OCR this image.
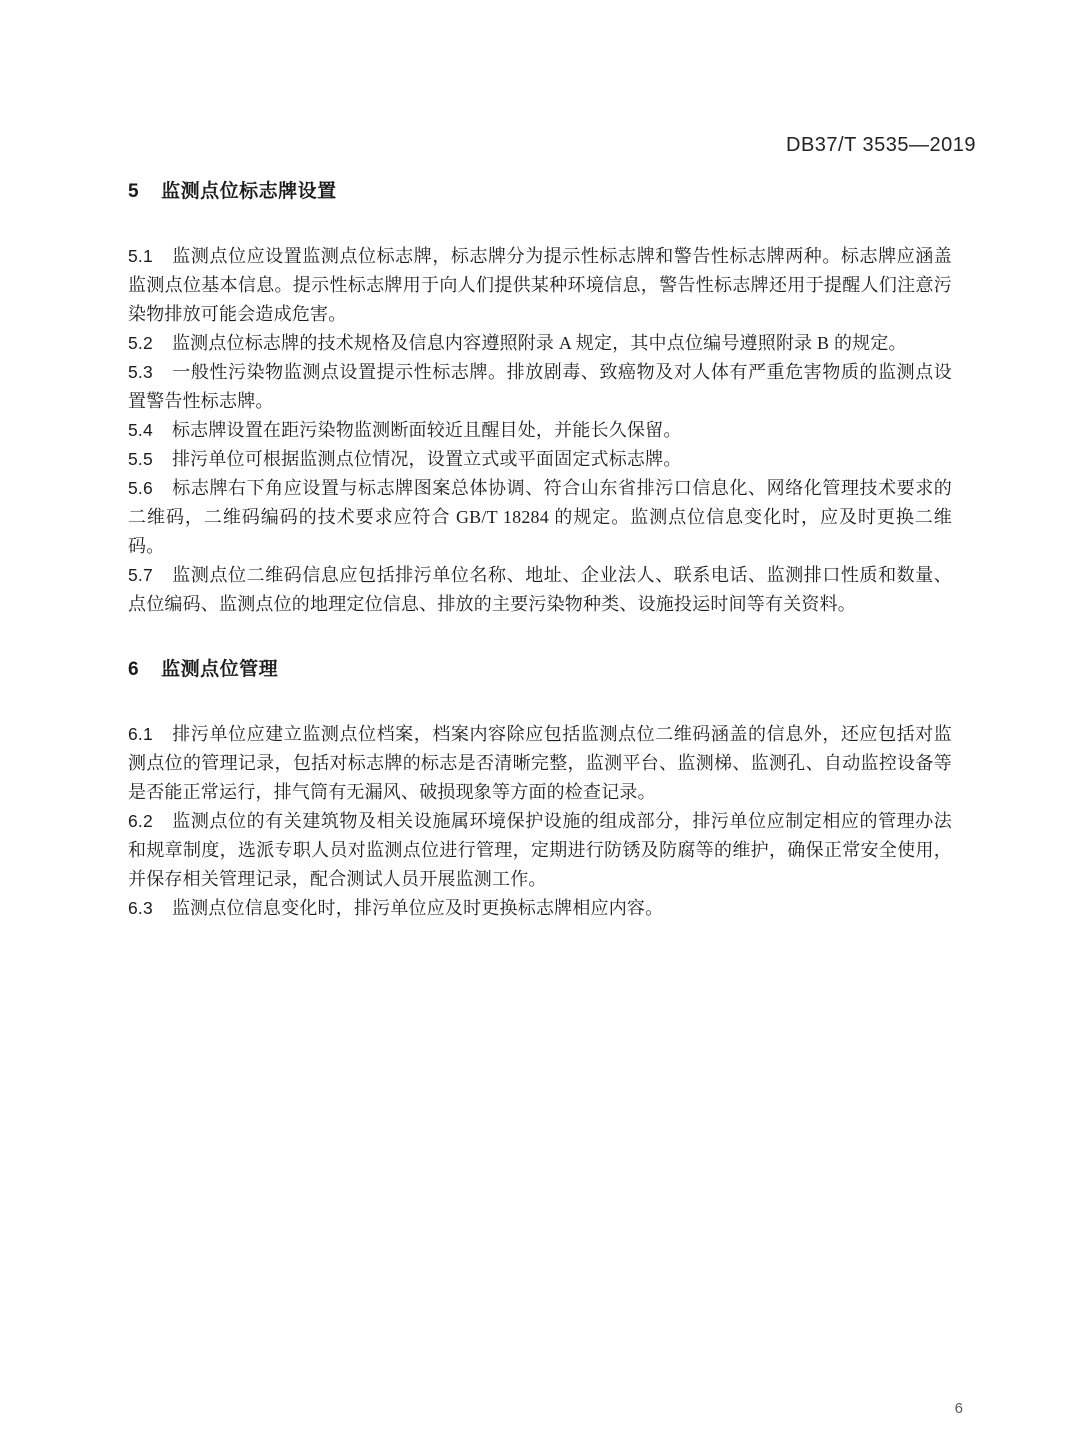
DB37/T 3535—2019
5 监测点位标志牌设置

5.1 监测点位应设置监测点位标志牌，标志牌分为提示性标志牌和警告性标志牌两种。标志牌应涵盖监测点位基本信息。提示性标志牌用于向人们提供某种环境信息，警告性标志牌还用于提醒人们注意污染物排放可能会造成危害。

5.2 监测点位标志牌的技术规格及信息内容遵照附录 A 规定，其中点位编号遵照附录 B 的规定。

5.3 一般性污染物监测点设置提示性标志牌。排放剧毒、致癌物及对人体有严重危害物质的监测点设置警告性标志牌。

5.4 标志牌设置在距污染物监测断面较近且醒目处，并能长久保留。

5.5 排污单位可根据监测点位情况，设置立式或平面固定式标志牌。

5.6 标志牌右下角应设置与标志牌图案总体协调、符合山东省排污口信息化、网络化管理技术要求的二维码，二维码编码的技术要求应符合 GB/T 18284 的规定。监测点位信息变化时，应及时更换二维码。

5.7 监测点位二维码信息应包括排污单位名称、地址、企业法人、联系电话、监测排口性质和数量、点位编码、监测点位的地理定位信息、排放的主要污染物种类、设施投运时间等有关资料。

6 监测点位管理

6.1 排污单位应建立监测点位档案，档案内容除应包括监测点位二维码涵盖的信息外，还应包括对监测点位的管理记录，包括对标志牌的标志是否清晰完整，监测平台、监测梯、监测孔、自动监控设备等是否能正常运行，排气筒有无漏风、破损现象等方面的检查记录。

6.2 监测点位的有关建筑物及相关设施属环境保护设施的组成部分，排污单位应制定相应的管理办法和规章制度，选派专职人员对监测点位进行管理，定期进行防锈及防腐等的维护，确保正常安全使用，并保存相关管理记录，配合测试人员开展监测工作。

6.3 监测点位信息变化时，排污单位应及时更换标志牌相应内容。

6
